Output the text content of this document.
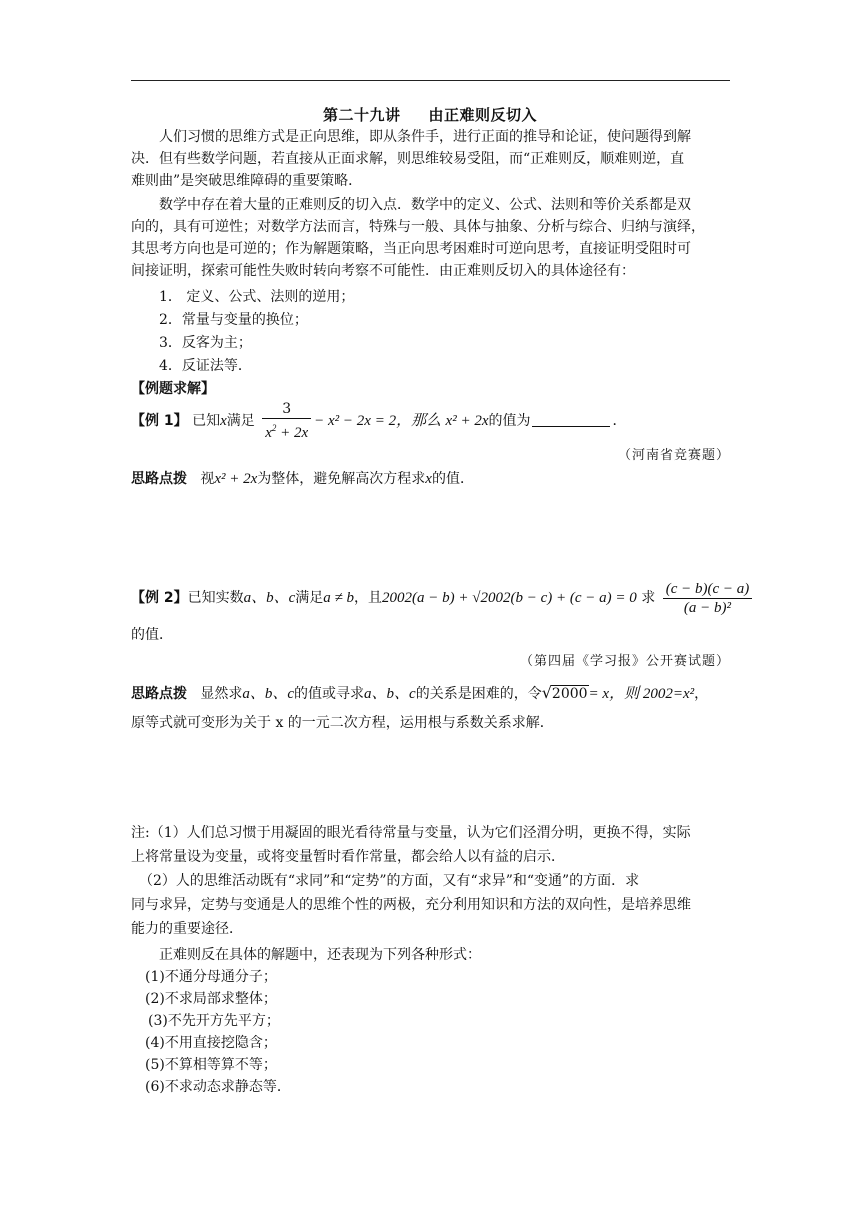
第二十九讲 由正难则反切入
人们习惯的思维方式是正向思维，即从条件手，进行正面的推导和论证，使问题得到解
决．但有些数学问题，若直接从正面求解，则思维较易受阻，而“正难则反，顺难则逆，直
难则曲”是突破思维障碍的重要策略．
数学中存在着大量的正难则反的切入点．数学中的定义、公式、法则和等价关系都是双
向的，具有可逆性；对数学方法而言，特殊与一般、具体与抽象、分析与综合、归纳与演绎，
其思考方向也是可逆的；作为解题策略，当正向思考困难时可逆向思考，直接证明受阻时可
间接证明，探索可能性失败时转向考察不可能性．由正难则反切入的具体途径有：
1． 定义、公式、法则的逆用；
2．常量与变量的换位；
3．反客为主；
4．反证法等．
【例题求解】
【例 1】 已知x满足 $\frac{3}{x^2 + 2x} - x^2 - 2x = 2$，那么 x² + 2x的值为	．
（河南省竞赛题）
思路点拨 视x² + 2x为整体，避免解高次方程求x的值．
【例 2】已知实数a、b、c满足a ≠ b，且2002(a − b) + √2002(b − c) + (c − a) = 0 求 $\frac{(c - b)(c - a)}{\text{(a − b)²}}$
的值．
（第四届《学习报》公开赛试题）
思路点拨 显然求a、b、c的值或寻求a、b、c的关系是困难的，令√2000= x，则 2002=x²，
原等式就可变形为关于 x 的一元二次方程，运用根与系数关系求解．
注:（1）人们总习惯于用凝固的眼光看待常量与变量，认为它们泾渭分明，更换不得，实际
上将常量设为变量，或将变量暂时看作常量，都会给人以有益的启示．
（2）人的思维活动既有“求同”和“定势”的方面，又有“求异”和“变通”的方面．求
同与求异，定势与变通是人的思维个性的两极，充分利用知识和方法的双向性，是培养思维
能力的重要途径．
正难则反在具体的解题中，还表现为下列各种形式：
(1)不通分母通分子；
(2)不求局部求整体；
(3)不先开方先平方；
(4)不用直接挖隐含；
(5)不算相等算不等；
(6)不求动态求静态等．
